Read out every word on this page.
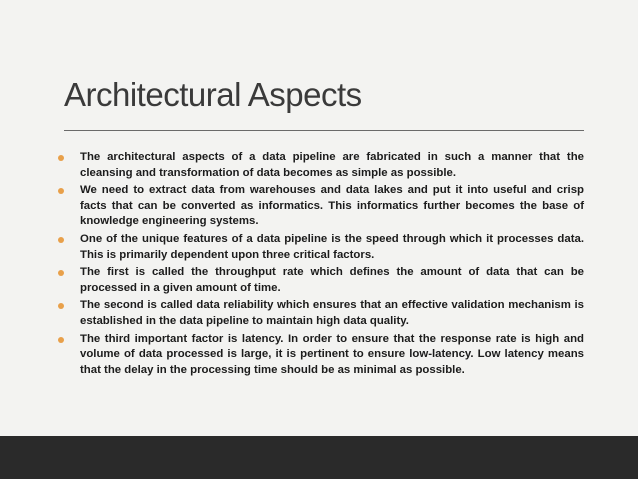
Architectural Aspects
The architectural aspects of a data pipeline are fabricated in such a manner that the cleansing and transformation of data becomes as simple as possible.
We need to extract data from warehouses and data lakes and put it into useful and crisp facts that can be converted as informatics. This informatics further becomes the base of knowledge engineering systems.
One of the unique features of a data pipeline is the speed through which it processes data. This is primarily dependent upon three critical factors.
The first is called the throughput rate which defines the amount of data that can be processed in a given amount of time.
The second is called data reliability which ensures that an effective validation mechanism is established in the data pipeline to maintain high data quality.
The third important factor is latency. In order to ensure that the response rate is high and volume of data processed is large, it is pertinent to ensure low-latency. Low latency means that the delay in the processing time should be as minimal as possible.
